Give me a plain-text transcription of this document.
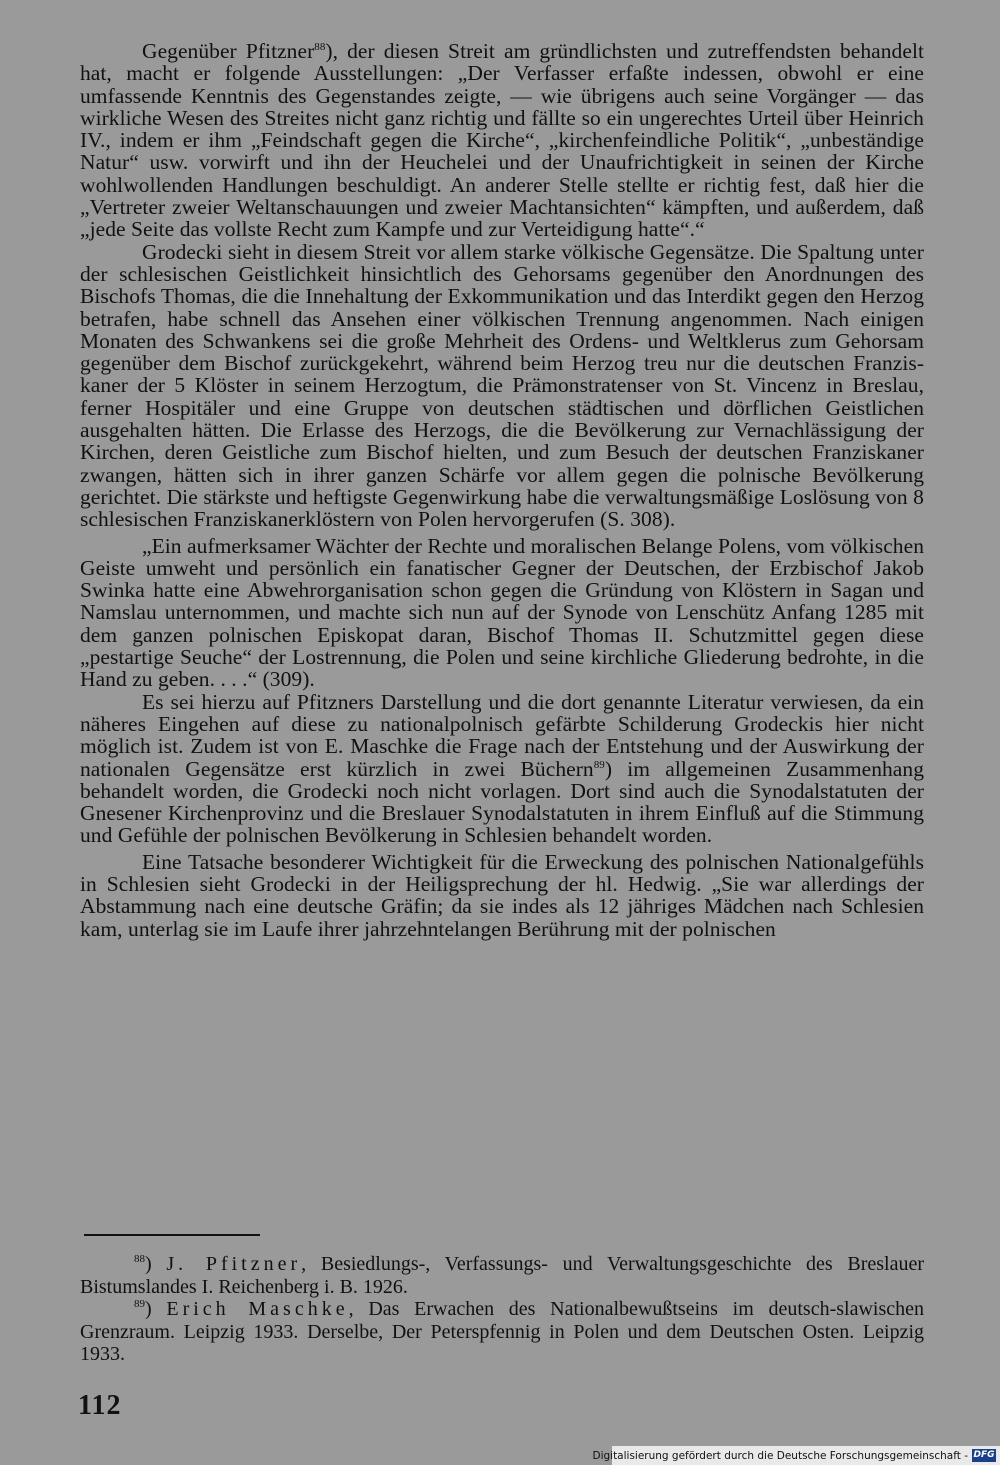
Gegenüber Pfitzner$^{88}$), der diesen Streit am gründlichsten und zutreffendsten behandelt hat, macht er folgende Ausstellungen: „Der Verfasser erfaßte indessen, obwohl er eine umfassende Kenntnis des Gegenstandes zeigte, — wie übrigens auch seine Vorgänger — das wirkliche Wesen des Streites nicht ganz richtig und fällte so ein ungerechtes Urteil über Heinrich IV., indem er ihm „Feindschaft gegen die Kirche“, „kirchenfeindliche Politik“, „unbeständige Natur“ usw. vorwirft und ihn der Heuchelei und der Unaufrichtigkeit in seinen der Kirche wohlwollenden Handlungen beschuldigt. An anderer Stelle stellte er richtig fest, daß hier die „Vertreter zweier Weltanschauungen und zweier Machtansichten“ kämpften, und außerdem, daß „jede Seite das vollste Recht zum Kampfe und zur Verteidigung hatte“.“

Grodecki sieht in diesem Streit vor allem starke völkische Gegensätze. Die Spaltung unter der schlesischen Geistlichkeit hinsichtlich des Gehorsams gegenüber den Anordnungen des Bischofs Thomas, die die Innehaltung der Exkommunikation und das Interdikt gegen den Herzog betrafen, habe schnell das Ansehen einer völkischen Trennung angenommen. Nach einigen Monaten des Schwankens sei die große Mehrheit des Ordens- und Weltklerus zum Gehorsam gegenüber dem Bischof zurückgekehrt, während beim Herzog treu nur die deutschen Franziskaner der 5 Klöster in seinem Herzogtum, die Prämonstratenser von St. Vincenz in Breslau, ferner Hospitäler und eine Gruppe von deutschen städtischen und dörflichen Geistlichen ausgehalten hätten. Die Erlasse des Herzogs, die die Bevölkerung zur Vernachlässigung der Kirchen, deren Geistliche zum Bischof hielten, und zum Besuch der deutschen Franziskaner zwangen, hätten sich in ihrer ganzen Schärfe vor allem gegen die polnische Bevölkerung gerichtet. Die stärkste und heftigste Gegenwirkung habe die verwaltungsmäßige Loslösung von 8 schlesischen Franziskanerklöstern von Polen hervorgerufen (S. 308).

„Ein aufmerksamer Wächter der Rechte und moralischen Belange Polens, vom völkischen Geiste umweht und persönlich ein fanatischer Gegner der Deutschen, der Erzbischof Jakob Swinka hatte eine Abwehrorganisation schon gegen die Gründung von Klöstern in Sagan und Namslau unternommen, und machte sich nun auf der Synode von Lenschütz Anfang 1285 mit dem ganzen polnischen Episkopat daran, Bischof Thomas II. Schutzmittel gegen diese „pestartige Seuche“ der Lostrennung, die Polen und seine kirchliche Gliederung bedrohte, in die Hand zu geben. . . .“ (309).

Es sei hierzu auf Pfitzners Darstellung und die dort genannte Literatur verwiesen, da ein näheres Eingehen auf diese zu nationalpolnisch gefärbte Schilderung Grodeckis hier nicht möglich ist. Zudem ist von E. Maschke die Frage nach der Entstehung und der Auswirkung der nationalen Gegensätze erst kürzlich in zwei Büchern$^{89}$) im allgemeinen Zusammenhang behandelt worden, die Grodecki noch nicht vorlagen. Dort sind auch die Synodalstatuten der Gnesener Kirchenprovinz und die Breslauer Synodalstatuten in ihrem Einfluß auf die Stimmung und Gefühle der polnischen Bevölkerung in Schlesien behandelt worden.

Eine Tatsache besonderer Wichtigkeit für die Erweckung des polnischen Nationalgefühls in Schlesien sieht Grodecki in der Heiligsprechung der hl. Hedwig. „Sie war allerdings der Abstammung nach eine deutsche Gräfin; da sie indes als 12 jähriges Mädchen nach Schlesien kam, unterlag sie im Laufe ihrer jahrzehntelangen Berührung mit der polnischen

$^{88}$) J. Pfitzner, Besiedlungs-, Verfassungs- und Verwaltungsgeschichte des Breslauer Bistumslandes I. Reichenberg i. B. 1926.

$^{89}$) Erich Maschke, Das Erwachen des Nationalbewußtseins im deutsch-slawischen Grenzraum. Leipzig 1933. Derselbe, Der Peterspfennig in Polen und dem Deutschen Osten. Leipzig 1933.

112
Digitalisierung gefördert durch die Deutsche Forschungsgemeinschaft - DFG
